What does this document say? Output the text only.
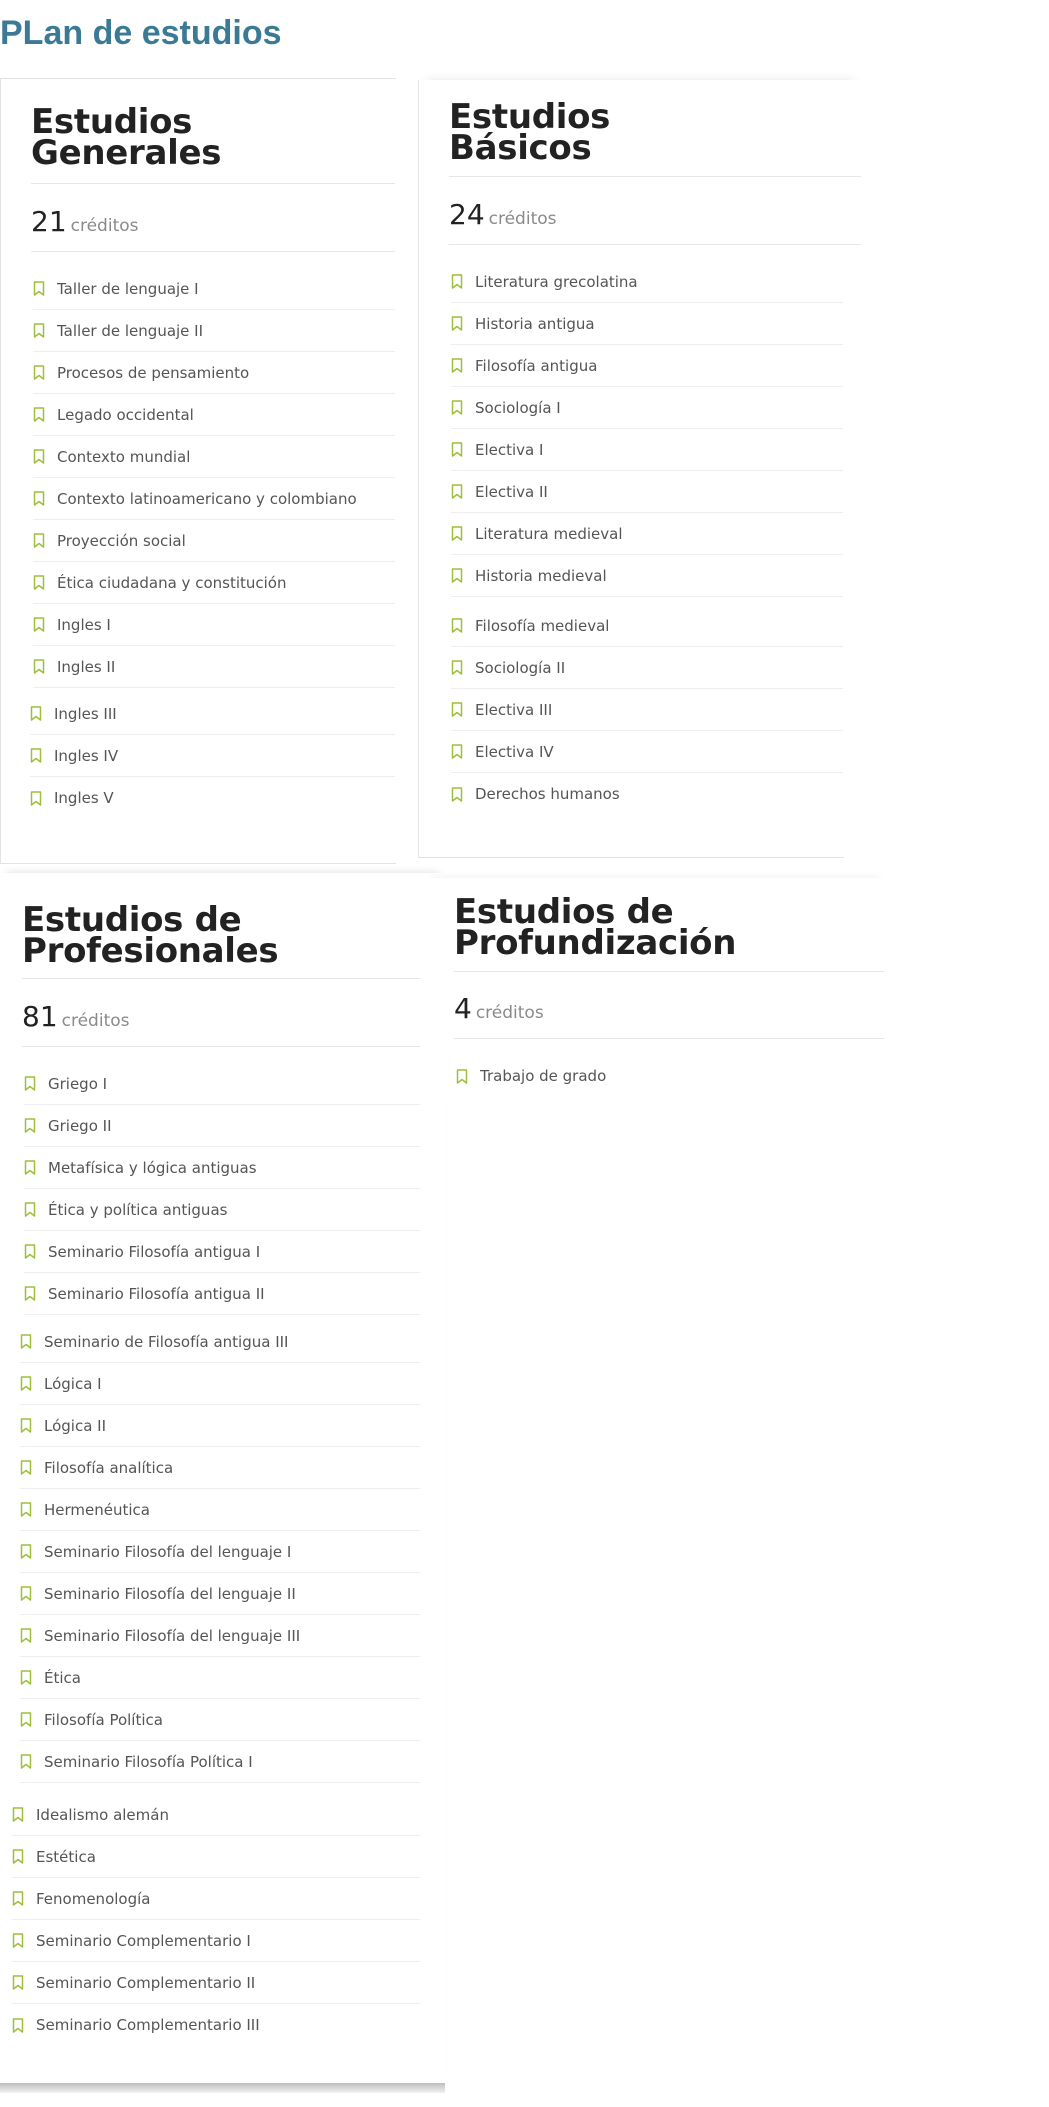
PLan de estudios
Estudios
Generales
21 créditos
Taller de lenguaje I
Taller de lenguaje II
Procesos de pensamiento
Legado occidental
Contexto mundial
Contexto latinoamericano y colombiano
Proyección social
Ética ciudadana y constitución
Ingles I
Ingles II
Ingles III
Ingles IV
Ingles V
Estudios
Básicos
24 créditos
Literatura grecolatina
Historia antigua
Filosofía antigua
Sociología I
Electiva I
Electiva II
Literatura medieval
Historia medieval
Filosofía medieval
Sociología II
Electiva III
Electiva IV
Derechos humanos
Estudios de
Profesionales
81 créditos
Griego I
Griego II
Metafísica y lógica antiguas
Ética y política antiguas
Seminario Filosofía antigua I
Seminario Filosofía antigua II
Seminario de Filosofía antigua III
Lógica I
Lógica II
Filosofía analítica
Hermenéutica
Seminario Filosofía del lenguaje I
Seminario Filosofía del lenguaje II
Seminario Filosofía del lenguaje III
Ética
Filosofía Política
Seminario Filosofía Política I
Idealismo alemán
Estética
Fenomenología
Seminario Complementario I
Seminario Complementario II
Seminario Complementario III
Estudios de
Profundización
4 créditos
Trabajo de grado
